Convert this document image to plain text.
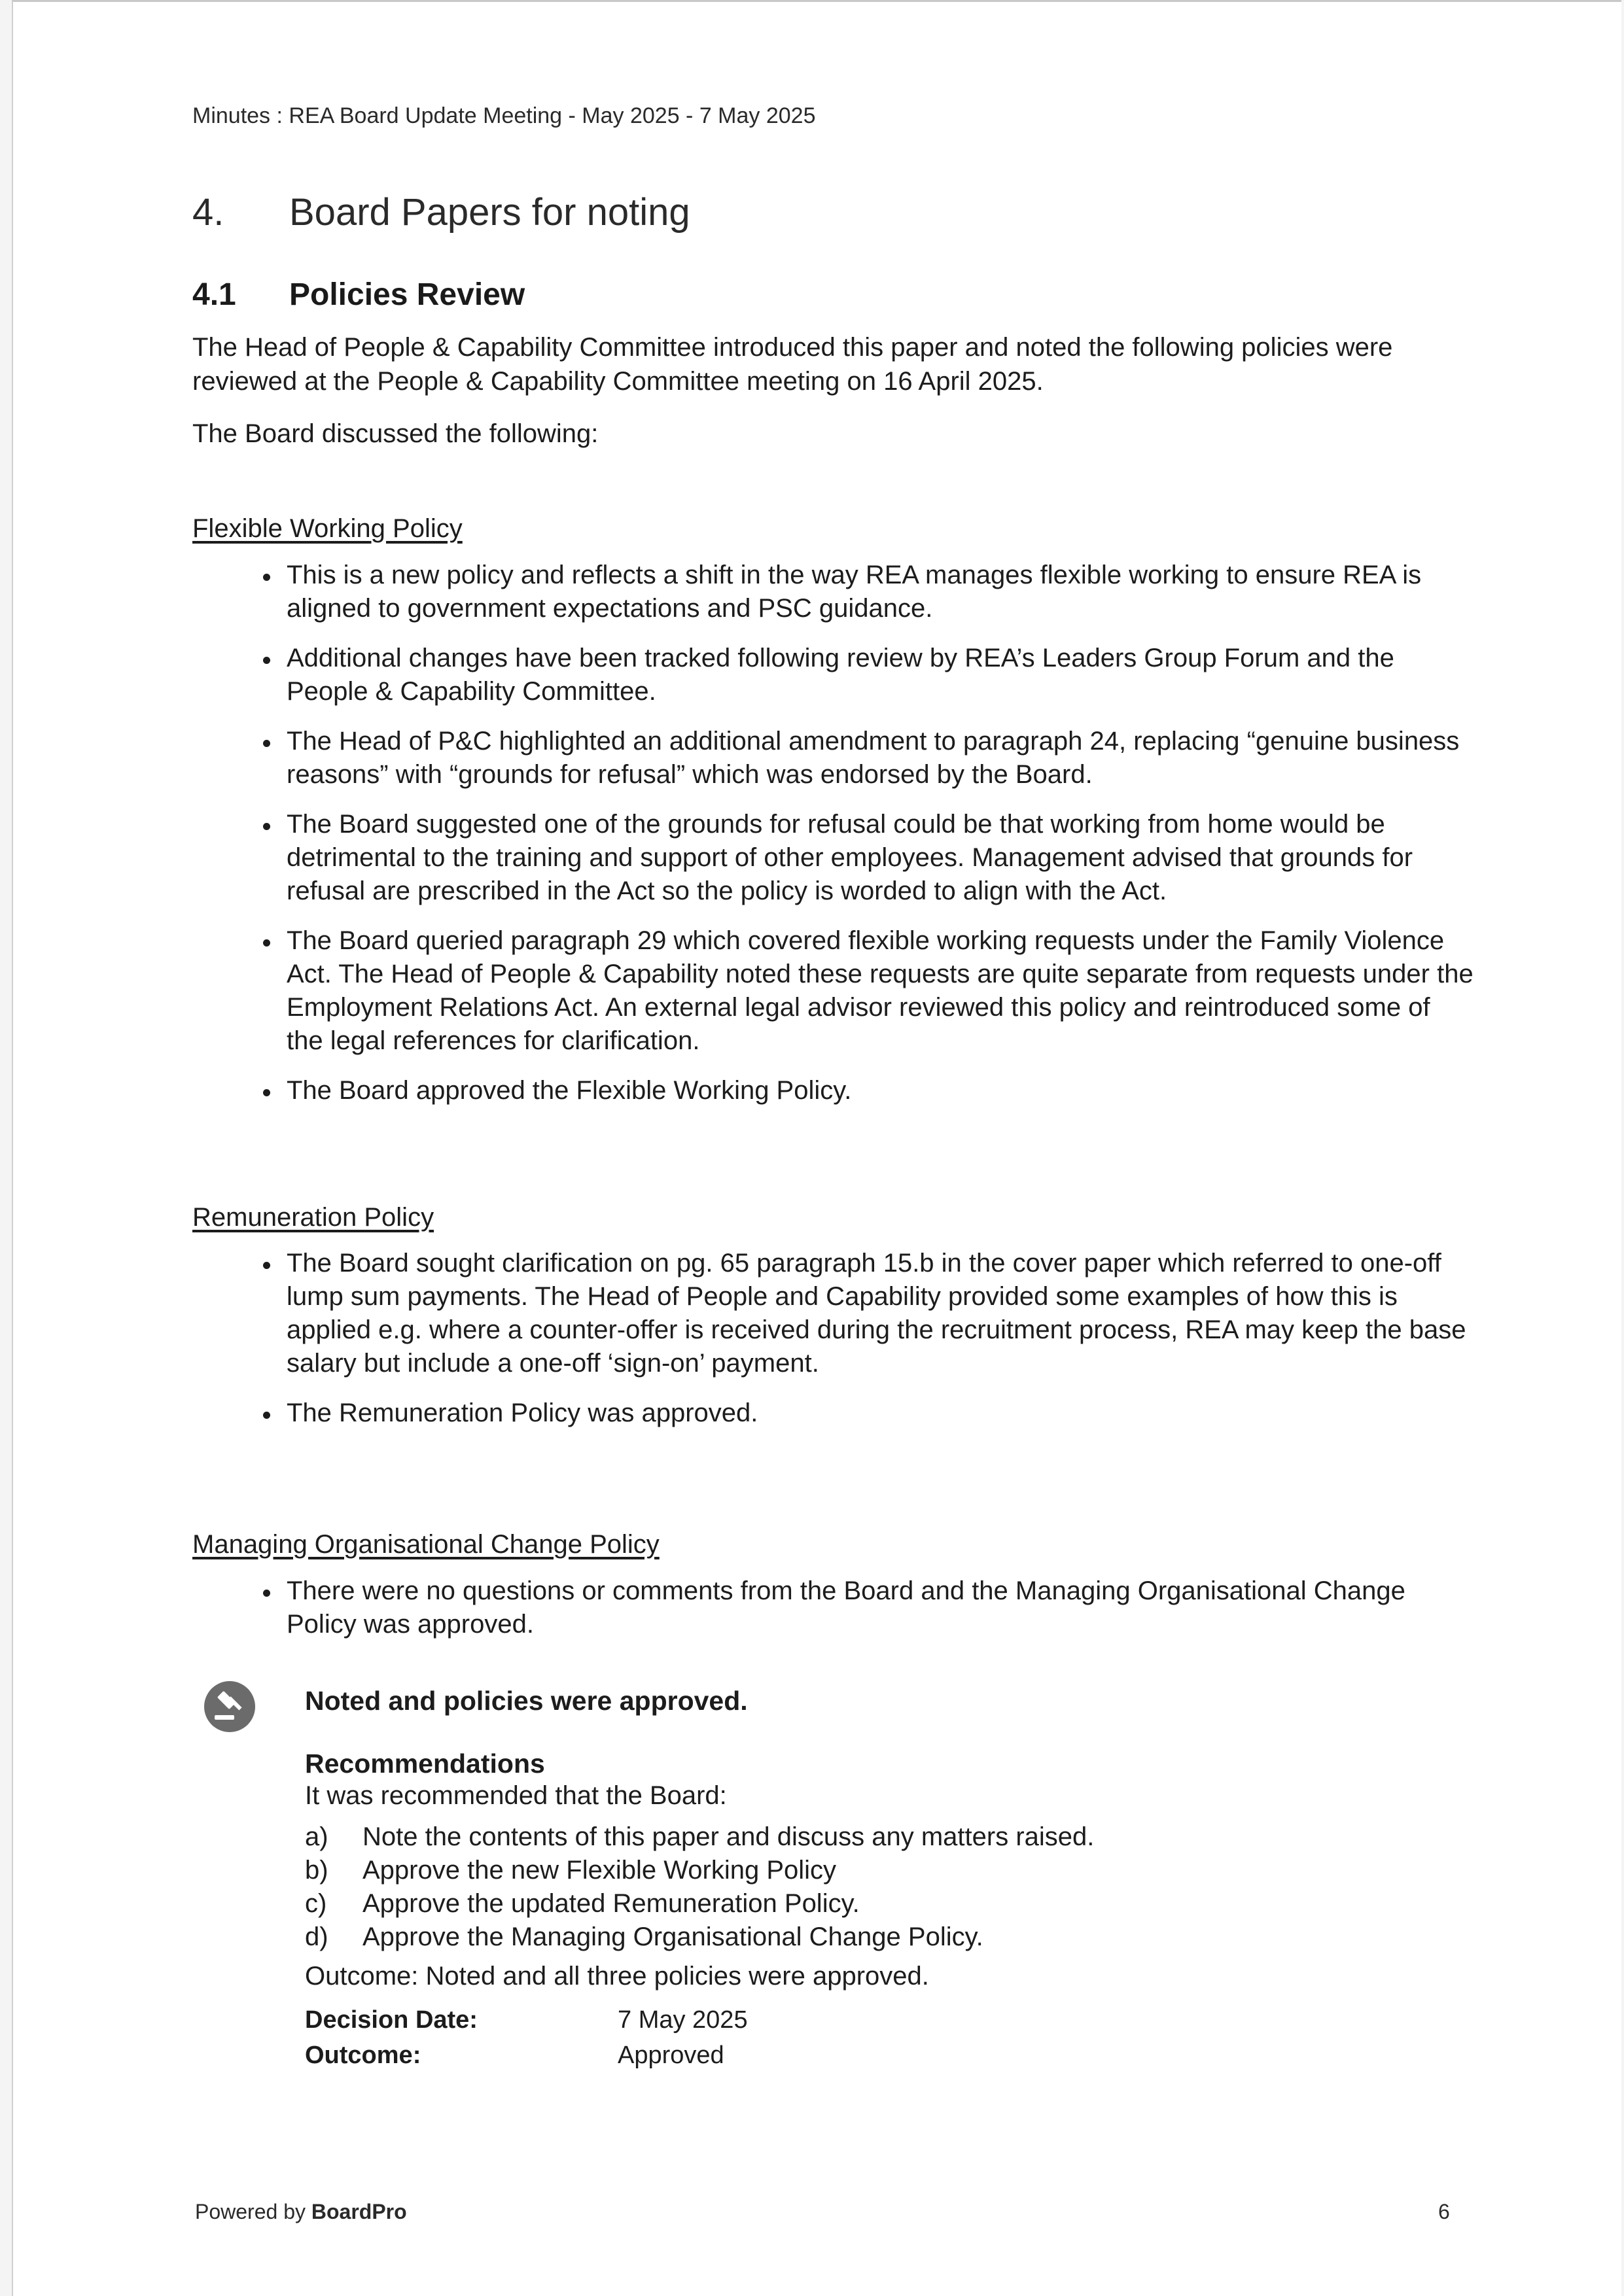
Minutes : REA Board Update Meeting - May 2025 - 7 May 2025
4. Board Papers for noting
4.1 Policies Review
The Head of People & Capability Committee introduced this paper and noted the following policies were reviewed at the People & Capability Committee meeting on 16 April 2025.
The Board discussed the following:
Flexible Working Policy
This is a new policy and reflects a shift in the way REA manages flexible working to ensure REA is aligned to government expectations and PSC guidance.
Additional changes have been tracked following review by REA’s Leaders Group Forum and the People & Capability Committee.
The Head of P&C highlighted an additional amendment to paragraph 24, replacing “genuine business reasons” with “grounds for refusal” which was endorsed by the Board.
The Board suggested one of the grounds for refusal could be that working from home would be detrimental to the training and support of other employees. Management advised that grounds for refusal are prescribed in the Act so the policy is worded to align with the Act.
The Board queried paragraph 29 which covered flexible working requests under the Family Violence Act. The Head of People & Capability noted these requests are quite separate from requests under the Employment Relations Act. An external legal advisor reviewed this policy and reintroduced some of the legal references for clarification.
The Board approved the Flexible Working Policy.
Remuneration Policy
The Board sought clarification on pg. 65 paragraph 15.b in the cover paper which referred to one-off lump sum payments. The Head of People and Capability provided some examples of how this is applied e.g. where a counter-offer is received during the recruitment process, REA may keep the base salary but include a one-off ‘sign-on’ payment.
The Remuneration Policy was approved.
Managing Organisational Change Policy
There were no questions or comments from the Board and the Managing Organisational Change Policy was approved.
Noted and policies were approved.
Recommendations
It was recommended that the Board:
a)	Note the contents of this paper and discuss any matters raised.
b)	Approve the new Flexible Working Policy
c)	Approve the updated Remuneration Policy.
d)	Approve the Managing Organisational Change Policy.
Outcome: Noted and all three policies were approved.
Decision Date:	7 May 2025
Outcome:	Approved
Powered by BoardPro	6
